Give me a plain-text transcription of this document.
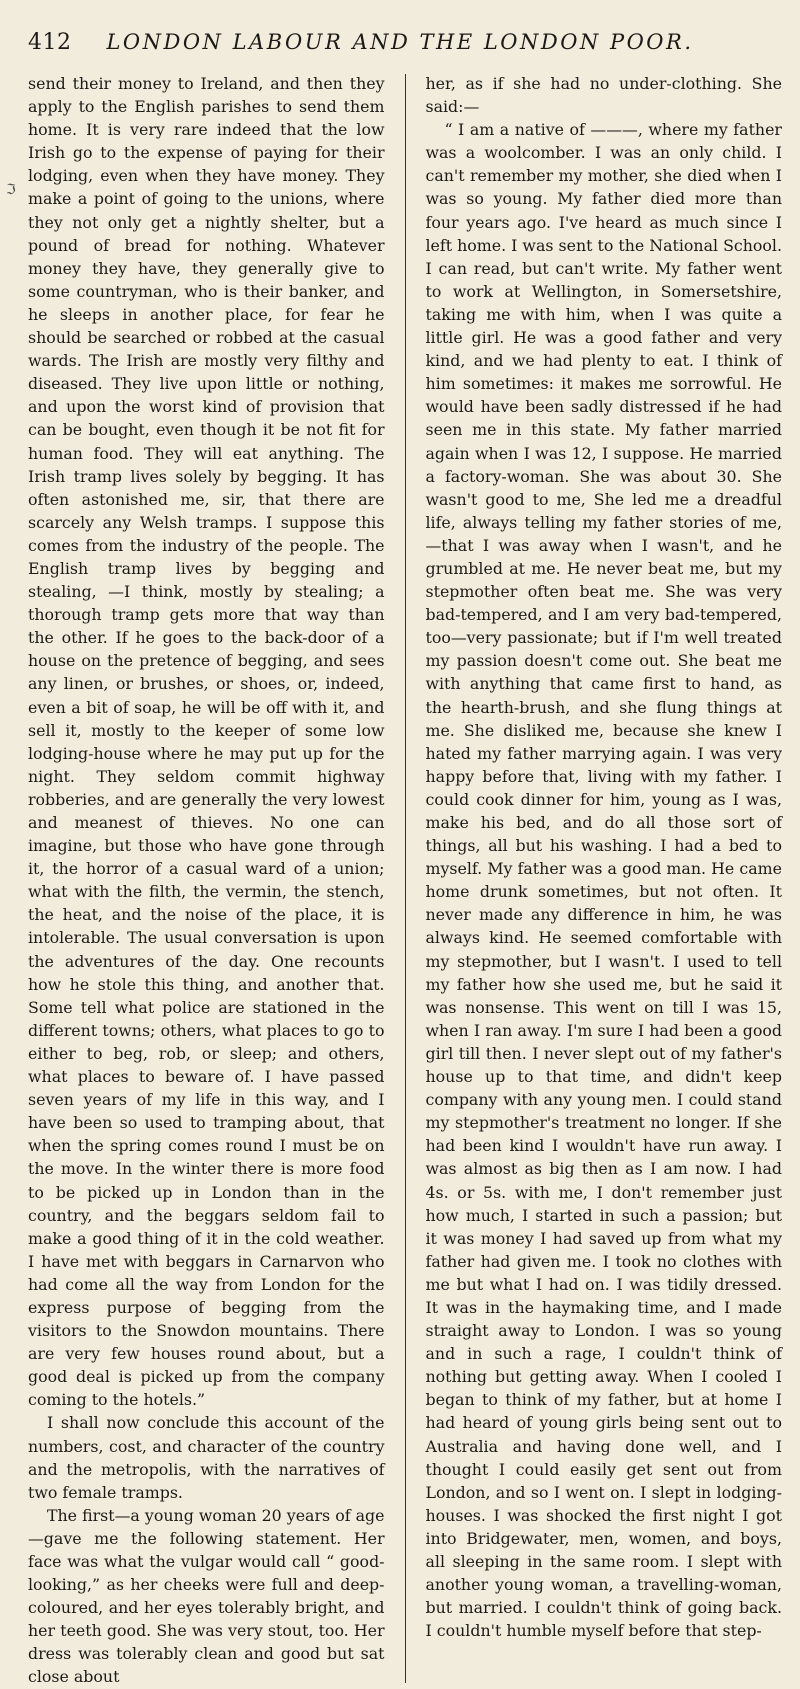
412	LONDON LABOUR AND THE LONDON POOR.
ℑ

send their money to Ireland, and then they apply to the English parishes to send them home. It is very rare indeed that the low Irish go to the expense of paying for their lodging, even when they have money. They make a point of going to the unions, where they not only get a nightly shelter, but a pound of bread for nothing. Whatever money they have, they generally give to some countryman, who is their banker, and he sleeps in another place, for fear he should be searched or robbed at the casual wards. The Irish are mostly very filthy and diseased. They live upon little or nothing, and upon the worst kind of provision that can be bought, even though it be not fit for human food. They will eat anything. The Irish tramp lives solely by begging. It has often astonished me, sir, that there are scarcely any Welsh tramps. I suppose this comes from the industry of the people. The English tramp lives by begging and stealing, —I think, mostly by stealing; a thorough tramp gets more that way than the other. If he goes to the back-door of a house on the pretence of begging, and sees any linen, or brushes, or shoes, or, indeed, even a bit of soap, he will be off with it, and sell it, mostly to the keeper of some low lodging-house where he may put up for the night. They seldom commit highway robberies, and are generally the very lowest and meanest of thieves. No one can imagine, but those who have gone through it, the horror of a casual ward of a union; what with the filth, the vermin, the stench, the heat, and the noise of the place, it is intolerable. The usual conversation is upon the adventures of the day. One recounts how he stole this thing, and another that. Some tell what police are stationed in the different towns; others, what places to go to either to beg, rob, or sleep; and others, what places to beware of. I have passed seven years of my life in this way, and I have been so used to tramping about, that when the spring comes round I must be on the move. In the winter there is more food to be picked up in London than in the country, and the beggars seldom fail to make a good thing of it in the cold weather. I have met with beggars in Carnarvon who had come all the way from London for the express purpose of begging from the visitors to the Snowdon mountains. There are very few houses round about, but a good deal is picked up from the company coming to the hotels.”

I shall now conclude this account of the numbers, cost, and character of the country and the metropolis, with the narratives of two female tramps.

The first—a young woman 20 years of age —gave me the following statement. Her face was what the vulgar would call “ good-looking,” as her cheeks were full and deep-coloured, and her eyes tolerably bright, and her teeth good. She was very stout, too. Her dress was tolerably clean and good but sat close about

her, as if she had no under-clothing. She said:—

“ I am a native of ———, where my father was a woolcomber. I was an only child. I can't remember my mother, she died when I was so young. My father died more than four years ago. I've heard as much since I left home. I was sent to the National School. I can read, but can't write. My father went to work at Wellington, in Somersetshire, taking me with him, when I was quite a little girl. He was a good father and very kind, and we had plenty to eat. I think of him sometimes: it makes me sorrowful. He would have been sadly distressed if he had seen me in this state. My father married again when I was 12, I suppose. He married a factory-woman. She was about 30. She wasn't good to me, She led me a dreadful life, always telling my father stories of me,—that I was away when I wasn't, and he grumbled at me. He never beat me, but my stepmother often beat me. She was very bad-tempered, and I am very bad-tempered, too—very passionate; but if I'm well treated my passion doesn't come out. She beat me with anything that came first to hand, as the hearth-brush, and she flung things at me. She disliked me, because she knew I hated my father marrying again. I was very happy before that, living with my father. I could cook dinner for him, young as I was, make his bed, and do all those sort of things, all but his washing. I had a bed to myself. My father was a good man. He came home drunk sometimes, but not often. It never made any difference in him, he was always kind. He seemed comfortable with my stepmother, but I wasn't. I used to tell my father how she used me, but he said it was nonsense. This went on till I was 15, when I ran away. I'm sure I had been a good girl till then. I never slept out of my father's house up to that time, and didn't keep company with any young men. I could stand my stepmother's treatment no longer. If she had been kind I wouldn't have run away. I was almost as big then as I am now. I had 4s. or 5s. with me, I don't remember just how much, I started in such a passion; but it was money I had saved up from what my father had given me. I took no clothes with me but what I had on. I was tidily dressed. It was in the haymaking time, and I made straight away to London. I was so young and in such a rage, I couldn't think of nothing but getting away. When I cooled I began to think of my father, but at home I had heard of young girls being sent out to Australia and having done well, and I thought I could easily get sent out from London, and so I went on. I slept in lodging-houses. I was shocked the first night I got into Bridgewater, men, women, and boys, all sleeping in the same room. I slept with another young woman, a travelling-woman, but married. I couldn't think of going back. I couldn't humble myself before that step-
